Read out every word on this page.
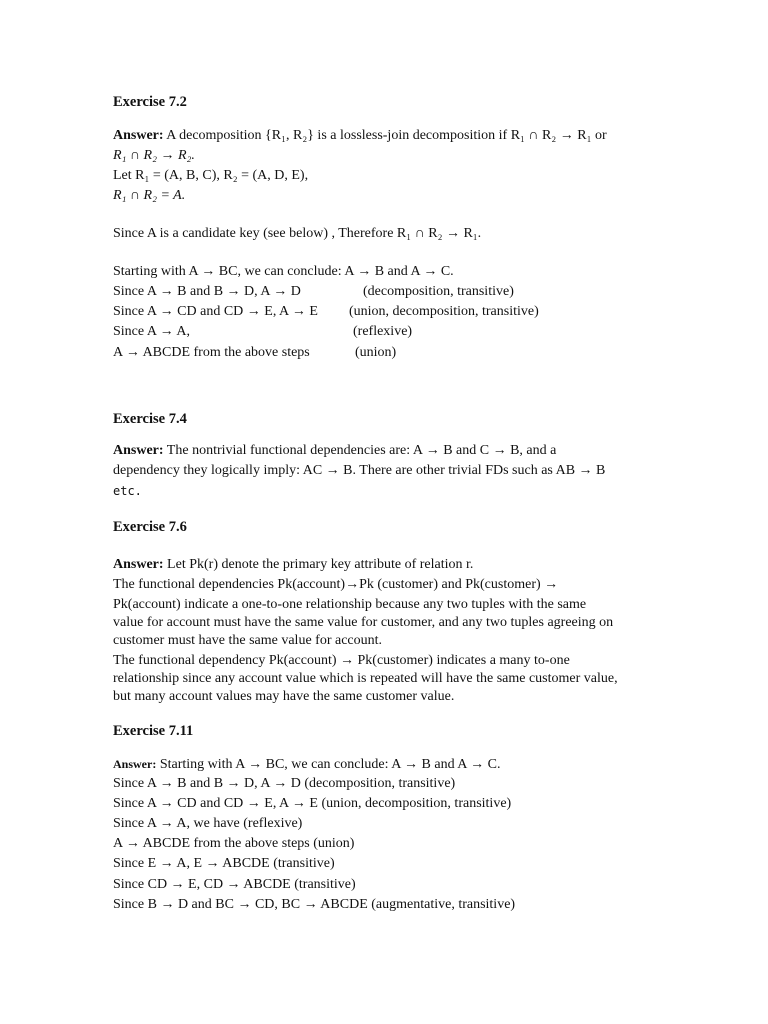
Exercise 7.2
Answer: A decomposition {R₁, R₂} is a lossless-join decomposition if R₁ ∩ R₂ → R₁ or
R₁ ∩ R₂ → R₂.
Let R₁ = (A, B, C), R₂ = (A, D, E),
R₁ ∩ R₂ = A.
Since A is a candidate key (see below) , Therefore R₁ ∩ R₂ → R₁.
Starting with A → BC, we can conclude: A → B and A → C.
Since A → B and B → D, A → D	(decomposition, transitive)
Since A → CD and CD → E, A → E (union, decomposition, transitive)
Since A → A,	(reflexive)
A → ABCDE from the above steps	(union)
Exercise 7.4
Answer: The nontrivial functional dependencies are: A → B and C → B, and a
dependency they logically imply: AC → B. There are other trivial FDs such as AB → B
etc.
Exercise 7.6
Answer: Let Pk(r) denote the primary key attribute of relation r.
The functional dependencies Pk(account)→Pk (customer) and Pk(customer) →
Pk(account) indicate a one-to-one relationship because any two tuples with the same
value for account must have the same value for customer, and any two tuples agreeing on
customer must have the same value for account.
The functional dependency Pk(account) → Pk(customer) indicates a many to-one
relationship since any account value which is repeated will have the same customer value,
but many account values may have the same customer value.
Exercise 7.11
Answer: Starting with A → BC, we can conclude: A → B and A → C.
Since A → B and B → D, A → D (decomposition, transitive)
Since A → CD and CD → E, A → E (union, decomposition, transitive)
Since A → A, we have (reflexive)
A → ABCDE from the above steps (union)
Since E → A, E → ABCDE (transitive)
Since CD → E, CD → ABCDE (transitive)
Since B → D and BC → CD, BC → ABCDE (augmentative, transitive)
